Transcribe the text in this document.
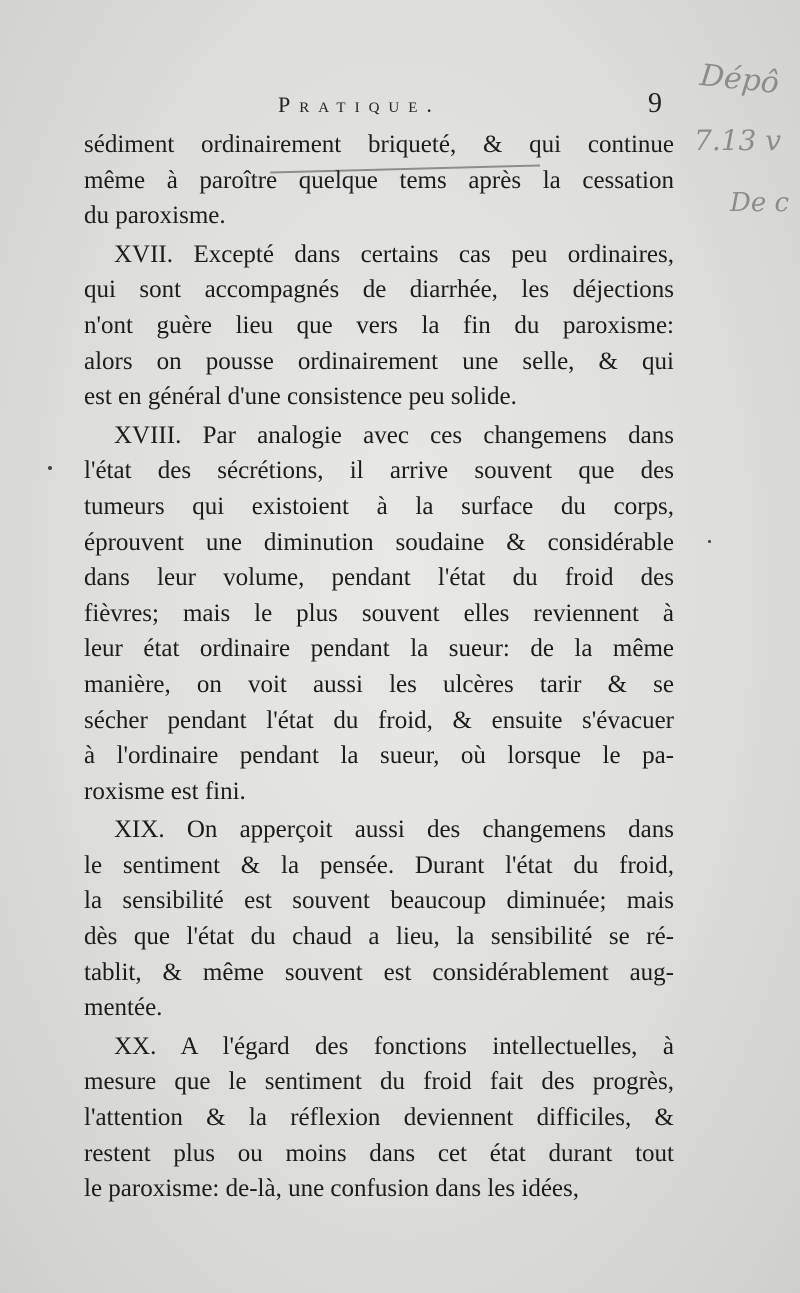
Pratique.	9
Dépô
7.13 v
De c
sédiment ordinairement briqueté, & qui continue
même à paroître quelque tems après la cessation
du paroxisme.
XVII. Excepté dans certains cas peu ordinaires,
qui sont accompagnés de diarrhée, les déjections
n'ont guère lieu que vers la fin du paroxisme:
alors on pousse ordinairement une selle, & qui
est en général d'une consistence peu solide.
XVIII. Par analogie avec ces changemens dans
l'état des sécrétions, il arrive souvent que des
tumeurs qui existoient à la surface du corps,
éprouvent une diminution soudaine & considérable
dans leur volume, pendant l'état du froid des
fièvres; mais le plus souvent elles reviennent à
leur état ordinaire pendant la sueur: de la même
manière, on voit aussi les ulcères tarir & se
sécher pendant l'état du froid, & ensuite s'évacuer
à l'ordinaire pendant la sueur, où lorsque le pa-
roxisme est fini.
XIX. On apperçoit aussi des changemens dans
le sentiment & la pensée. Durant l'état du froid,
la sensibilité est souvent beaucoup diminuée; mais
dès que l'état du chaud a lieu, la sensibilité se ré-
tablit, & même souvent est considérablement aug-
mentée.
XX. A l'égard des fonctions intellectuelles, à
mesure que le sentiment du froid fait des progrès,
l'attention & la réflexion deviennent difficiles, &
restent plus ou moins dans cet état durant tout
le paroxisme: de-là, une confusion dans les idées,
